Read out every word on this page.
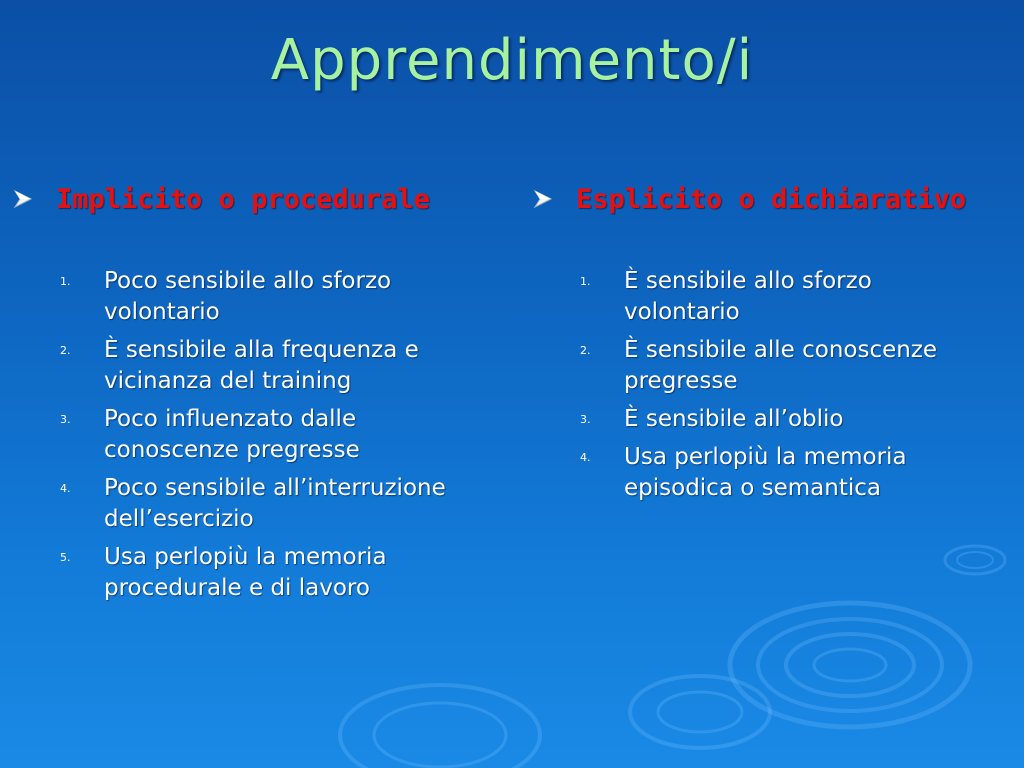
Apprendimento/i
Implicito o procedurale
1.	Poco sensibile allo sforzo volontario
2.	È sensibile alla frequenza e vicinanza del training
3.	Poco influenzato dalle conoscenze pregresse
4.	Poco sensibile all’interruzione dell’esercizio
5.	Usa perlopiù la memoria procedurale e di lavoro
Esplicito o dichiarativo
1.	È sensibile allo sforzo volontario
2.	È sensibile alle conoscenze pregresse
3.	È sensibile all’oblio
4.	Usa perlopiù la memoria episodica o semantica
